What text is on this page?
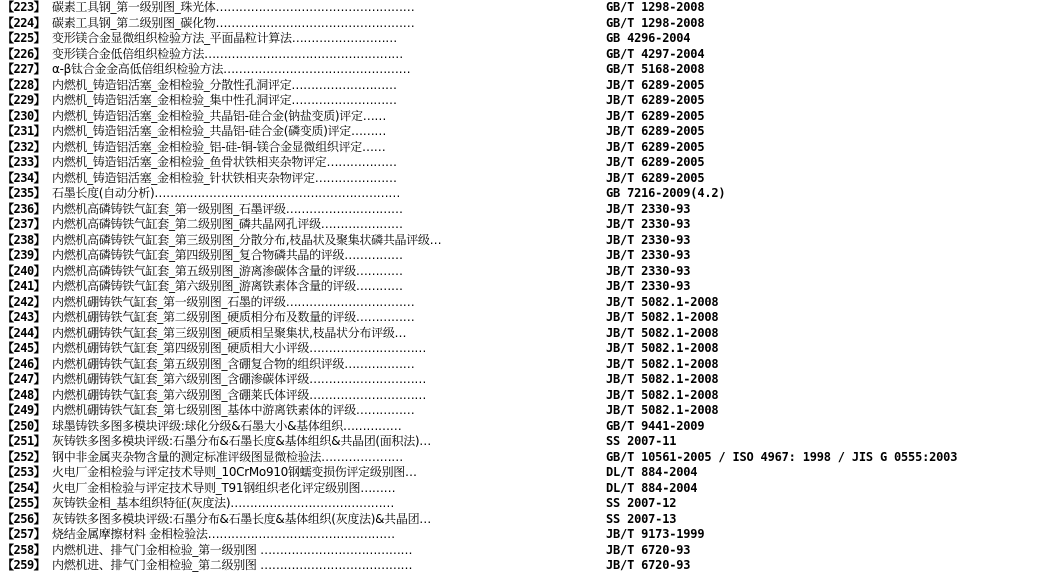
【223】 碳素工具钢_第一级别图_珠光体……………………………………………	GB/T 1298-2008
【224】 碳素工具钢_第二级别图_碳化物……………………………………………	GB/T 1298-2008
【225】 变形镁合金显微组织检验方法_平面晶粒计算法………………………	GB 4296-2004
【226】 变形镁合金低倍组织检验方法……………………………………………	GB/T 4297-2004
【227】 α-β钛合金金高低倍组织检验方法…………………………………………	GB/T 5168-2008
【228】 内燃机_铸造铝活塞_金相检验_分散性孔洞评定………………………	JB/T 6289-2005
【229】 内燃机_铸造铝活塞_金相检验_集中性孔洞评定………………………	JB/T 6289-2005
【230】 内燃机_铸造铝活塞_金相检验_共晶铝-硅合金(钠盐变质)评定……	JB/T 6289-2005
【231】 内燃机_铸造铝活塞_金相检验_共晶铝-硅合金(磷变质)评定………	JB/T 6289-2005
【232】 内燃机_铸造铝活塞_金相检验_铝-硅-铜-镁合金显微组织评定……	JB/T 6289-2005
【233】 内燃机_铸造铝活塞_金相检验_鱼骨状铁相夹杂物评定………………	JB/T 6289-2005
【234】 内燃机_铸造铝活塞_金相检验_针状铁相夹杂物评定…………………	JB/T 6289-2005
【235】 石墨长度(自动分析)………………………………………………………	GB 7216-2009(4.2)
【236】 内燃机高磷铸铁气缸套_第一级别图_石墨评级…………………………	JB/T 2330-93
【237】 内燃机高磷铸铁气缸套_第二级别图_磷共晶网孔评级…………………	JB/T 2330-93
【238】 内燃机高磷铸铁气缸套_第三级别图_分散分布,枝晶状及聚集状磷共晶评级…	JB/T 2330-93
【239】 内燃机高磷铸铁气缸套_第四级别图_复合物磷共晶的评级……………	JB/T 2330-93
【240】 内燃机高磷铸铁气缸套_第五级别图_游离渗碳体含量的评级…………	JB/T 2330-93
【241】 内燃机高磷铸铁气缸套_第六级别图_游离铁素体含量的评级…………	JB/T 2330-93
【242】 内燃机硼铸铁气缸套_第一级别图_石墨的评级……………………………	JB/T 5082.1-2008
【243】 内燃机硼铸铁气缸套_第二级别图_硬质相分布及数量的评级……………	JB/T 5082.1-2008
【244】 内燃机硼铸铁气缸套_第三级别图_硬质相呈聚集状,枝晶状分布评级…	JB/T 5082.1-2008
【245】 内燃机硼铸铁气缸套_第四级别图_硬质相大小评级…………………………	JB/T 5082.1-2008
【246】 内燃机硼铸铁气缸套_第五级别图_含硼复合物的组织评级………………	JB/T 5082.1-2008
【247】 内燃机硼铸铁气缸套_第六级别图_含硼渗碳体评级…………………………	JB/T 5082.1-2008
【248】 内燃机硼铸铁气缸套_第六级别图_含硼莱氏体评级…………………………	JB/T 5082.1-2008
【249】 内燃机硼铸铁气缸套_第七级别图_基体中游离铁素体的评级……………	JB/T 5082.1-2008
【250】 球墨铸铁多图多模块评级:球化分级&石墨大小&基体组织……………	GB/T 9441-2009
【251】 灰铸铁多图多模块评级:石墨分布&石墨长度&基体组织&共晶团(面积法)…	SS 2007-11
【252】 钢中非金属夹杂物含量的测定标准评级图显微检验法…………………	GB/T 10561-2005 / ISO 4967: 1998 / JIS G 0555:2003
【253】 火电厂金相检验与评定技术导则_10CrMo910钢蠕变损伤评定级别图…	DL/T 884-2004
【254】 火电厂金相检验与评定技术导则_T91钢组织老化评定级别图………	DL/T 884-2004
【255】 灰铸铁金相_基本组织特征(灰度法)……………………………………	SS 2007-12
【256】 灰铸铁多图多模块评级:石墨分布&石墨长度&基体组织(灰度法)&共晶团…	SS 2007-13
【257】 烧结金属摩擦材料 金相检验法…………………………………………	JB/T 9173-1999
【258】 内燃机进、排气门金相检验_第一级别图 …………………………………	JB/T 6720-93
【259】 内燃机进、排气门金相检验_第二级别图 …………………………………	JB/T 6720-93
